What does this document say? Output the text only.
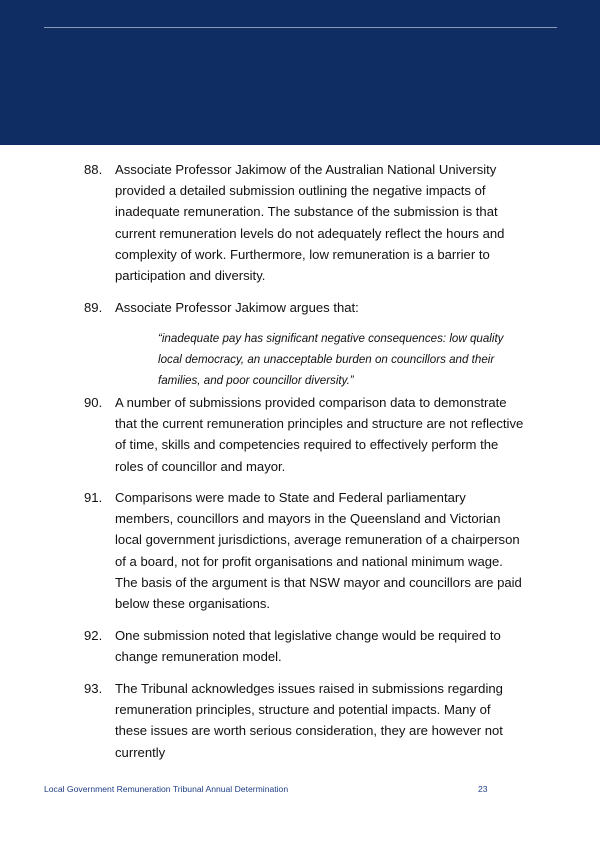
88. Associate Professor Jakimow of the Australian National University provided a detailed submission outlining the negative impacts of inadequate remuneration. The substance of the submission is that current remuneration levels do not adequately reflect the hours and complexity of work. Furthermore, low remuneration is a barrier to participation and diversity.
89. Associate Professor Jakimow argues that:
“inadequate pay has significant negative consequences: low quality local democracy, an unacceptable burden on councillors and their families, and poor councillor diversity.”
90. A number of submissions provided comparison data to demonstrate that the current remuneration principles and structure are not reflective of time, skills and competencies required to effectively perform the roles of councillor and mayor.
91. Comparisons were made to State and Federal parliamentary members, councillors and mayors in the Queensland and Victorian local government jurisdictions, average remuneration of a chairperson of a board, not for profit organisations and national minimum wage. The basis of the argument is that NSW mayor and councillors are paid below these organisations.
92. One submission noted that legislative change would be required to change remuneration model.
93. The Tribunal acknowledges issues raised in submissions regarding remuneration principles, structure and potential impacts. Many of these issues are worth serious consideration, they are however not currently
Local Government Remuneration Tribunal Annual Determination	23
